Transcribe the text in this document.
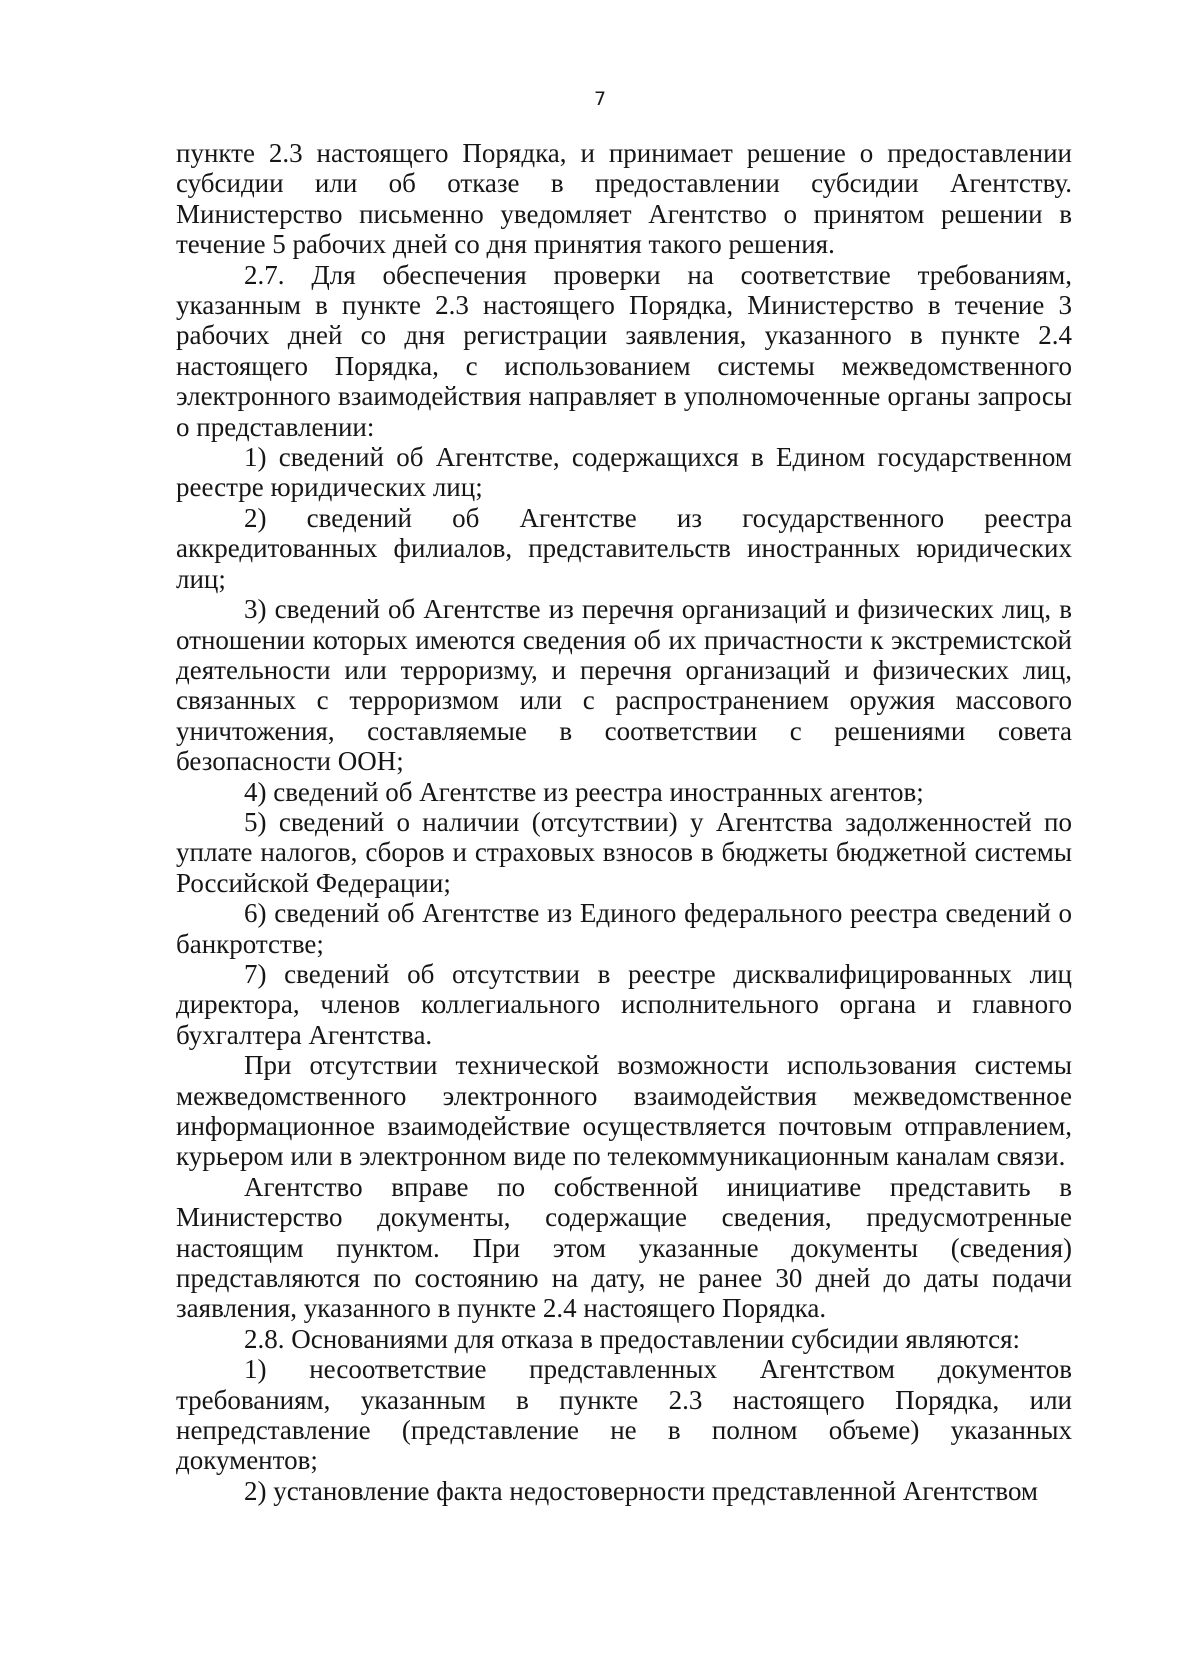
7

пункте 2.3 настоящего Порядка, и принимает решение о предоставлении субсидии или об отказе в предоставлении субсидии Агентству. Министерство письменно уведомляет Агентство о принятом решении в течение 5 рабочих дней со дня принятия такого решения.

2.7. Для обеспечения проверки на соответствие требованиям, указанным в пункте 2.3 настоящего Порядка, Министерство в течение 3 рабочих дней со дня регистрации заявления, указанного в пункте 2.4 настоящего Порядка, с использованием системы межведомственного электронного взаимодействия направляет в уполномоченные органы запросы о представлении:

1) сведений об Агентстве, содержащихся в Едином государственном реестре юридических лиц;

2) сведений об Агентстве из государственного реестра аккредитованных филиалов, представительств иностранных юридических лиц;

3) сведений об Агентстве из перечня организаций и физических лиц, в отношении которых имеются сведения об их причастности к экстремистской деятельности или терроризму, и перечня организаций и физических лиц, связанных с терроризмом или с распространением оружия массового уничтожения, составляемые в соответствии с решениями совета безопасности ООН;

4) сведений об Агентстве из реестра иностранных агентов;

5) сведений о наличии (отсутствии) у Агентства задолженностей по уплате налогов, сборов и страховых взносов в бюджеты бюджетной системы Российской Федерации;

6) сведений об Агентстве из Единого федерального реестра сведений о банкротстве;

7) сведений об отсутствии в реестре дисквалифицированных лиц директора, членов коллегиального исполнительного органа и главного бухгалтера Агентства.

При отсутствии технической возможности использования системы межведомственного электронного взаимодействия межведомственное информационное взаимодействие осуществляется почтовым отправлением, курьером или в электронном виде по телекоммуникационным каналам связи.

Агентство вправе по собственной инициативе представить в Министерство документы, содержащие сведения, предусмотренные настоящим пунктом. При этом указанные документы (сведения) представляются по состоянию на дату, не ранее 30 дней до даты подачи заявления, указанного в пункте 2.4 настоящего Порядка.

2.8. Основаниями для отказа в предоставлении субсидии являются:

1) несоответствие представленных Агентством документов требованиям, указанным в пункте 2.3 настоящего Порядка, или непредставление (представление не в полном объеме) указанных документов;

2) установление факта недостоверности представленной Агентством
